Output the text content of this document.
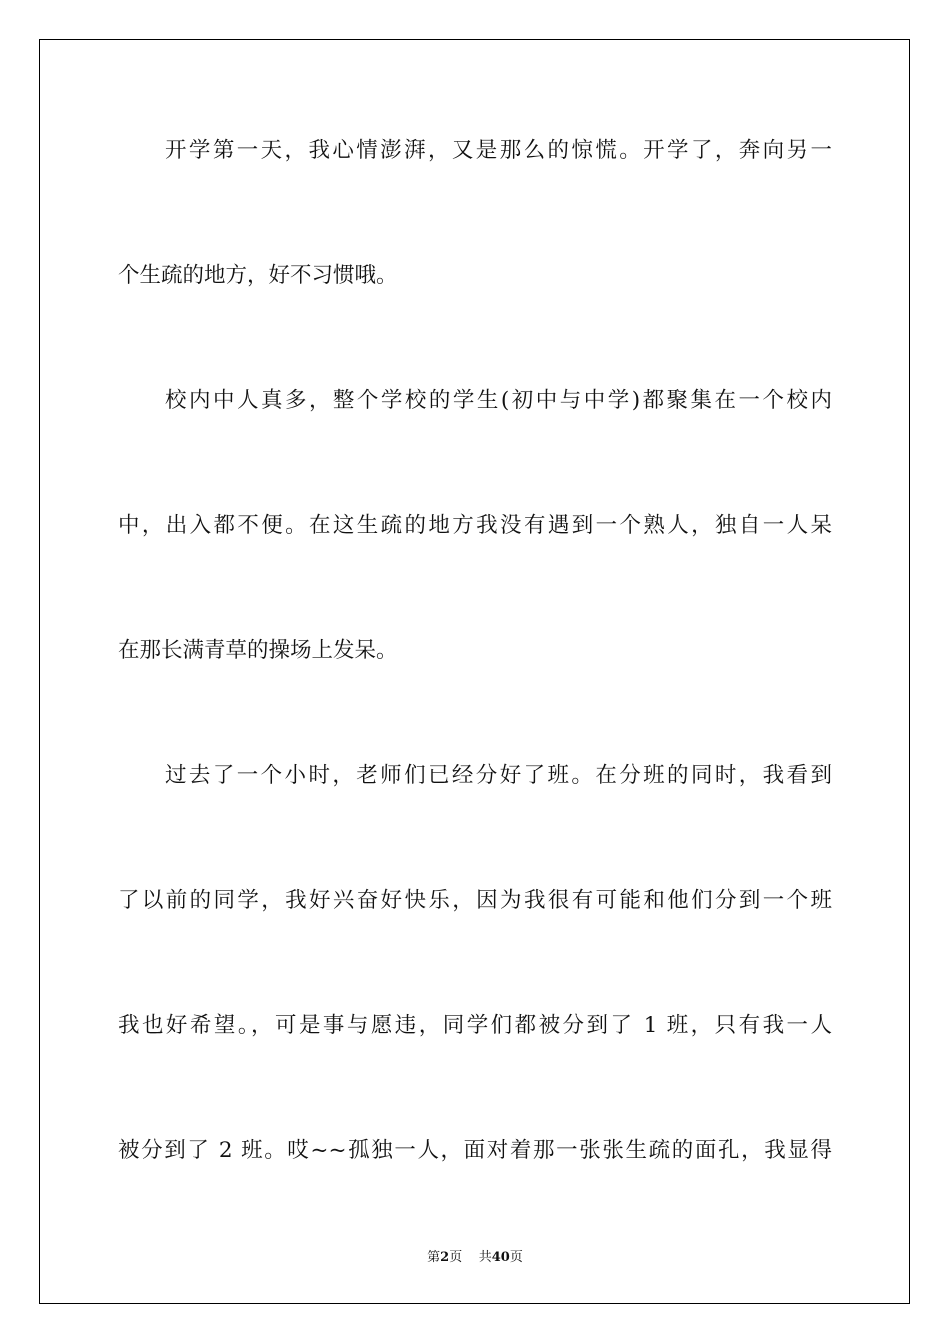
开学第一天，我心情澎湃，又是那么的惊慌。开学了，奔向另一
个生疏的地方，好不习惯哦。
校内中人真多，整个学校的学生(初中与中学)都聚集在一个校内
中，出入都不便。在这生疏的地方我没有遇到一个熟人，独自一人呆
在那长满青草的操场上发呆。
过去了一个小时，老师们已经分好了班。在分班的同时，我看到
了以前的同学，我好兴奋好快乐，因为我很有可能和他们分到一个班
我也好希望。，可是事与愿违，同学们都被分到了 1 班，只有我一人
被分到了 2 班。哎~~孤独一人，面对着那一张张生疏的面孔，我显得
第2页 共40页
